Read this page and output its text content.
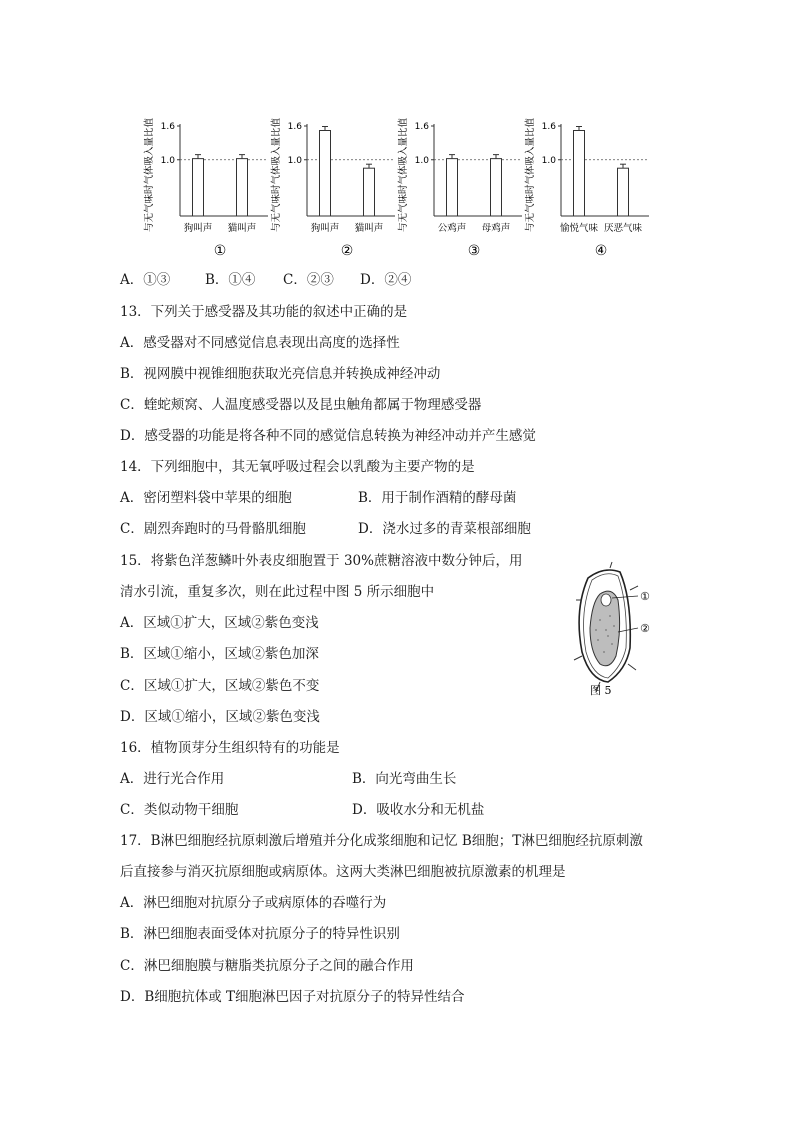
与无气味时气体吸入量比值 1.6
1.0
狗叫声 猫叫声
①
与无气味时气体吸入量比值 1.6
1.0
狗叫声 猫叫声
②
与无气味时气体吸入量比值 1.6
1.0
公鸡声 母鸡声
③
与无气味时气体吸入量比值 1.6
1.0
愉悦气味 厌恶气味
④
A．①③	B．①④ C．②③ D．②④
13．下列关于感受器及其功能的叙述中正确的是
A．感受器对不同感觉信息表现出高度的选择性
B．视网膜中视锥细胞获取光亮信息并转换成神经冲动
C．蝰蛇颊窝、人温度感受器以及昆虫触角都属于物理感受器
D．感受器的功能是将各种不同的感觉信息转换为神经冲动并产生感觉
14．下列细胞中，其无氧呼吸过程会以乳酸为主要产物的是
A．密闭塑料袋中苹果的细胞	B．用于制作酒精的酵母菌
C．剧烈奔跑时的马骨骼肌细胞	D．浇水过多的青菜根部细胞
15．将紫色洋葱鳞叶外表皮细胞置于 30%蔗糖溶液中数分钟后，用
清水引流，重复多次，则在此过程中图 5 所示细胞中
A．区域①扩大，区域②紫色变浅
B．区域①缩小，区域②紫色加深
C．区域①扩大，区域②紫色不变
D．区域①缩小，区域②紫色变浅
①
②
图 5
16．植物顶芽分生组织特有的功能是
A．进行光合作用	B．向光弯曲生长
C．类似动物干细胞	D．吸收水分和无机盐
17．B淋巴细胞经抗原刺激后增殖并分化成浆细胞和记忆 B细胞；T淋巴细胞经抗原刺激
后直接参与消灭抗原细胞或病原体。这两大类淋巴细胞被抗原激素的机理是
A．淋巴细胞对抗原分子或病原体的吞噬行为
B．淋巴细胞表面受体对抗原分子的特异性识别
C．淋巴细胞膜与糖脂类抗原分子之间的融合作用
D．B细胞抗体或 T细胞淋巴因子对抗原分子的特异性结合
